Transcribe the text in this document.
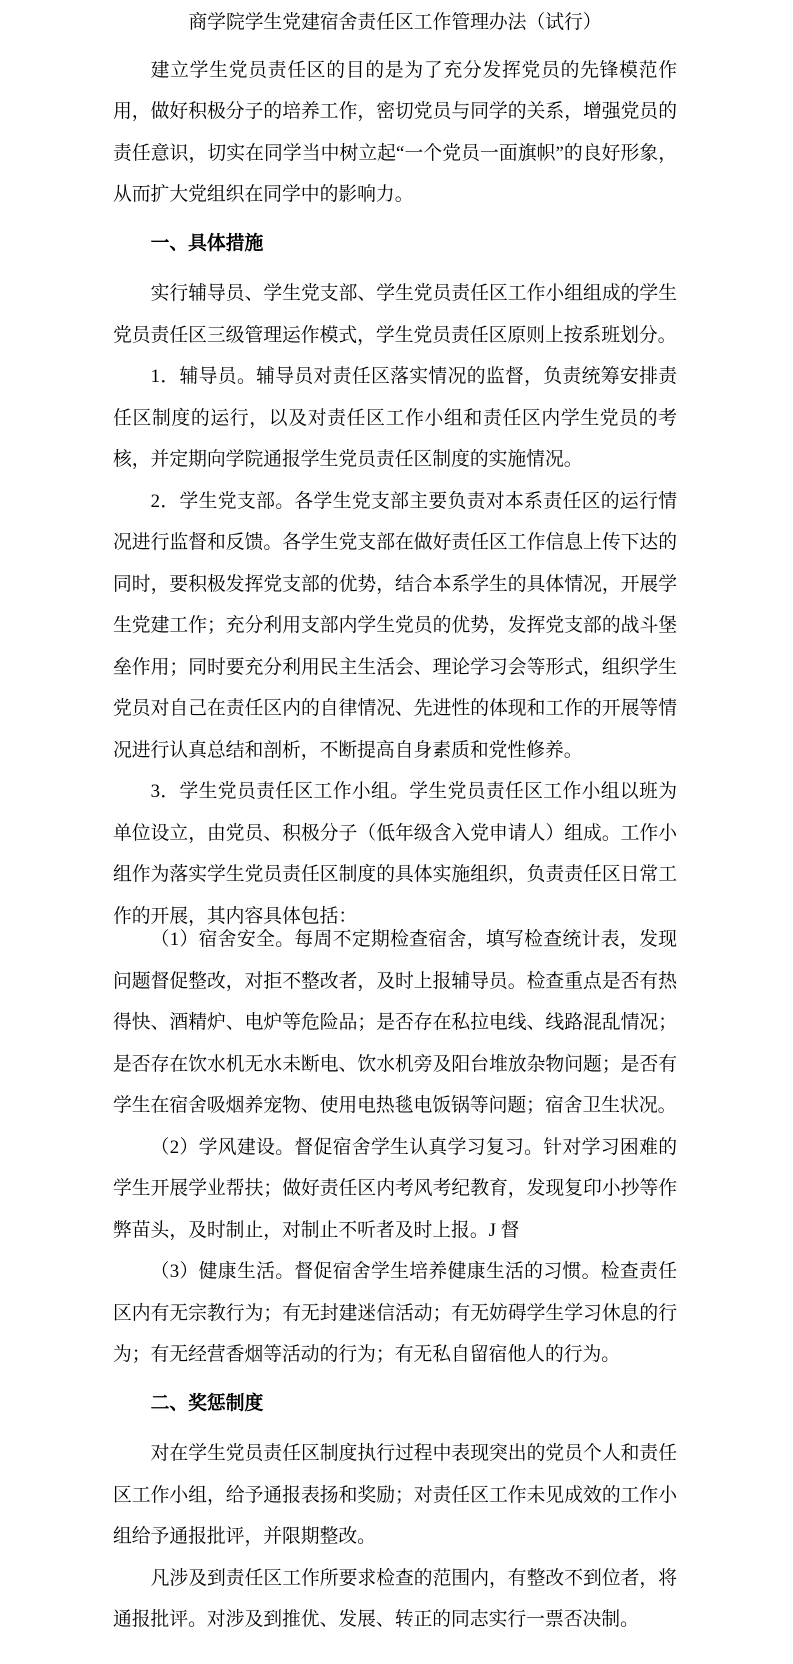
商学院学生党建宿舍责任区工作管理办法（试行）

建立学生党员责任区的目的是为了充分发挥党员的先锋模范作用，做好积极分子的培养工作，密切党员与同学的关系，增强党员的责任意识，切实在同学当中树立起“一个党员一面旗帜”的良好形象，从而扩大党组织在同学中的影响力。

一、具体措施

实行辅导员、学生党支部、学生党员责任区工作小组组成的学生党员责任区三级管理运作模式，学生党员责任区原则上按系班划分。

1．辅导员。辅导员对责任区落实情况的监督，负责统筹安排责任区制度的运行，以及对责任区工作小组和责任区内学生党员的考核，并定期向学院通报学生党员责任区制度的实施情况。

2．学生党支部。各学生党支部主要负责对本系责任区的运行情况进行监督和反馈。各学生党支部在做好责任区工作信息上传下达的同时，要积极发挥党支部的优势，结合本系学生的具体情况，开展学生党建工作；充分利用支部内学生党员的优势，发挥党支部的战斗堡垒作用；同时要充分利用民主生活会、理论学习会等形式，组织学生党员对自己在责任区内的自律情况、先进性的体现和工作的开展等情况进行认真总结和剖析，不断提高自身素质和党性修养。

3．学生党员责任区工作小组。学生党员责任区工作小组以班为单位设立，由党员、积极分子（低年级含入党申请人）组成。工作小组作为落实学生党员责任区制度的具体实施组织，负责责任区日常工作的开展，其内容具体包括：

（1）宿舍安全。每周不定期检查宿舍，填写检查统计表，发现问题督促整改，对拒不整改者，及时上报辅导员。检查重点是否有热得快、酒精炉、电炉等危险品；是否存在私拉电线、线路混乱情况；是否存在饮水机无水未断电、饮水机旁及阳台堆放杂物问题；是否有学生在宿舍吸烟养宠物、使用电热毯电饭锅等问题；宿舍卫生状况。

（2）学风建设。督促宿舍学生认真学习复习。针对学习困难的学生开展学业帮扶；做好责任区内考风考纪教育，发现复印小抄等作弊苗头，及时制止，对制止不听者及时上报。J 督

（3）健康生活。督促宿舍学生培养健康生活的习惯。检查责任区内有无宗教行为；有无封建迷信活动；有无妨碍学生学习休息的行为；有无经营香烟等活动的行为；有无私自留宿他人的行为。

二、奖惩制度

对在学生党员责任区制度执行过程中表现突出的党员个人和责任区工作小组，给予通报表扬和奖励；对责任区工作未见成效的工作小组给予通报批评，并限期整改。

凡涉及到责任区工作所要求检查的范围内，有整改不到位者，将通报批评。对涉及到推优、发展、转正的同志实行一票否决制。
